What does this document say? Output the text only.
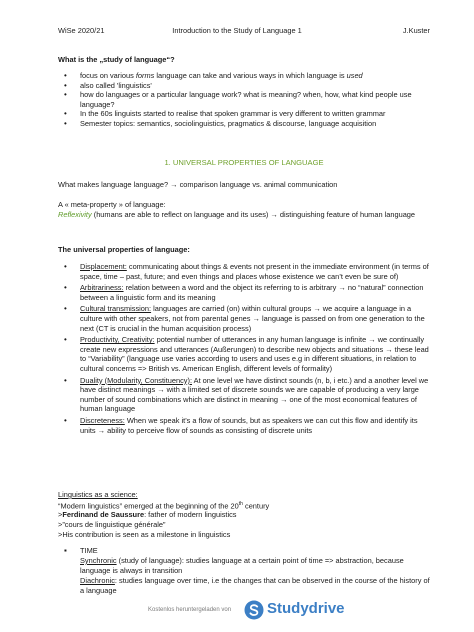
WiSe 2020/21	Introduction to the Study of Language 1	J.Kuster
What is the „study of language“?
• focus on various forms language can take and various ways in which language is used
• also called 'linguistics'
• how do languages or a particular language work? what is meaning? when, how, what kind people use language?
• In the 60s linguists started to realise that spoken grammar is very different to written grammar
• Semester topics: semantics, sociolinguistics, pragmatics & discourse, language acquisition
1. UNIVERSAL PROPERTIES OF LANGUAGE
What makes language language? → comparison language vs. animal communication
A « meta-property » of language:
Reflexivity (humans are able to reflect on language and its uses) → distinguishing feature of human language
The universal properties of language:
• Displacement: communicating about things & events not present in the immediate environment (in terms of space, time – past, future; and even things and places whose existence we can’t even be sure of)
• Arbitrariness: relation between a word and the object its referring to is arbitrary → no “natural” connection between a linguistic form and its meaning
• Cultural transmission: languages are carried (on) within cultural groups → we acquire a language in a culture with other speakers, not from parental genes → language is passed on from one generation to the next (CT is crucial in the human acquisition process)
• Productivity, Creativity: potential number of utterances in any human language is infinite → we continually create new expressions and utterances (Außerungen) to describe new objects and situations → these lead to “Variability” (language use varies according to users and uses e.g in different situations, in relation to cultural concerns => British vs. American English, different levels of formality)
• Duality (Modularity, Constituency): At one level we have distinct sounds (n, b, i etc.) and a another level we have distinct meanings → with a limited set of discrete sounds we are capable of producing a very large number of sound combinations which are distinct in meaning → one of the most economical features of human language
• Discreteness: When we speak it’s a flow of sounds, but as speakers we can cut this flow and identify its units → ability to perceive flow of sounds as consisting of discrete units
Linguistics as a science:
“Modern linguistics” emerged at the beginning of the 20th century
>Ferdinand de Saussure: father of modern linguistics
>”cours de linguistique générale”
>His contribution is seen as a milestone in linguistics
▪ TIME
Synchronic (study of language): studies language at a certain point of time => abstraction, because language is always in transition
Diachronic: studies language over time, i.e the changes that can be observed in the course of the history of a language
Kostenlos heruntergeladen von Studydrive
